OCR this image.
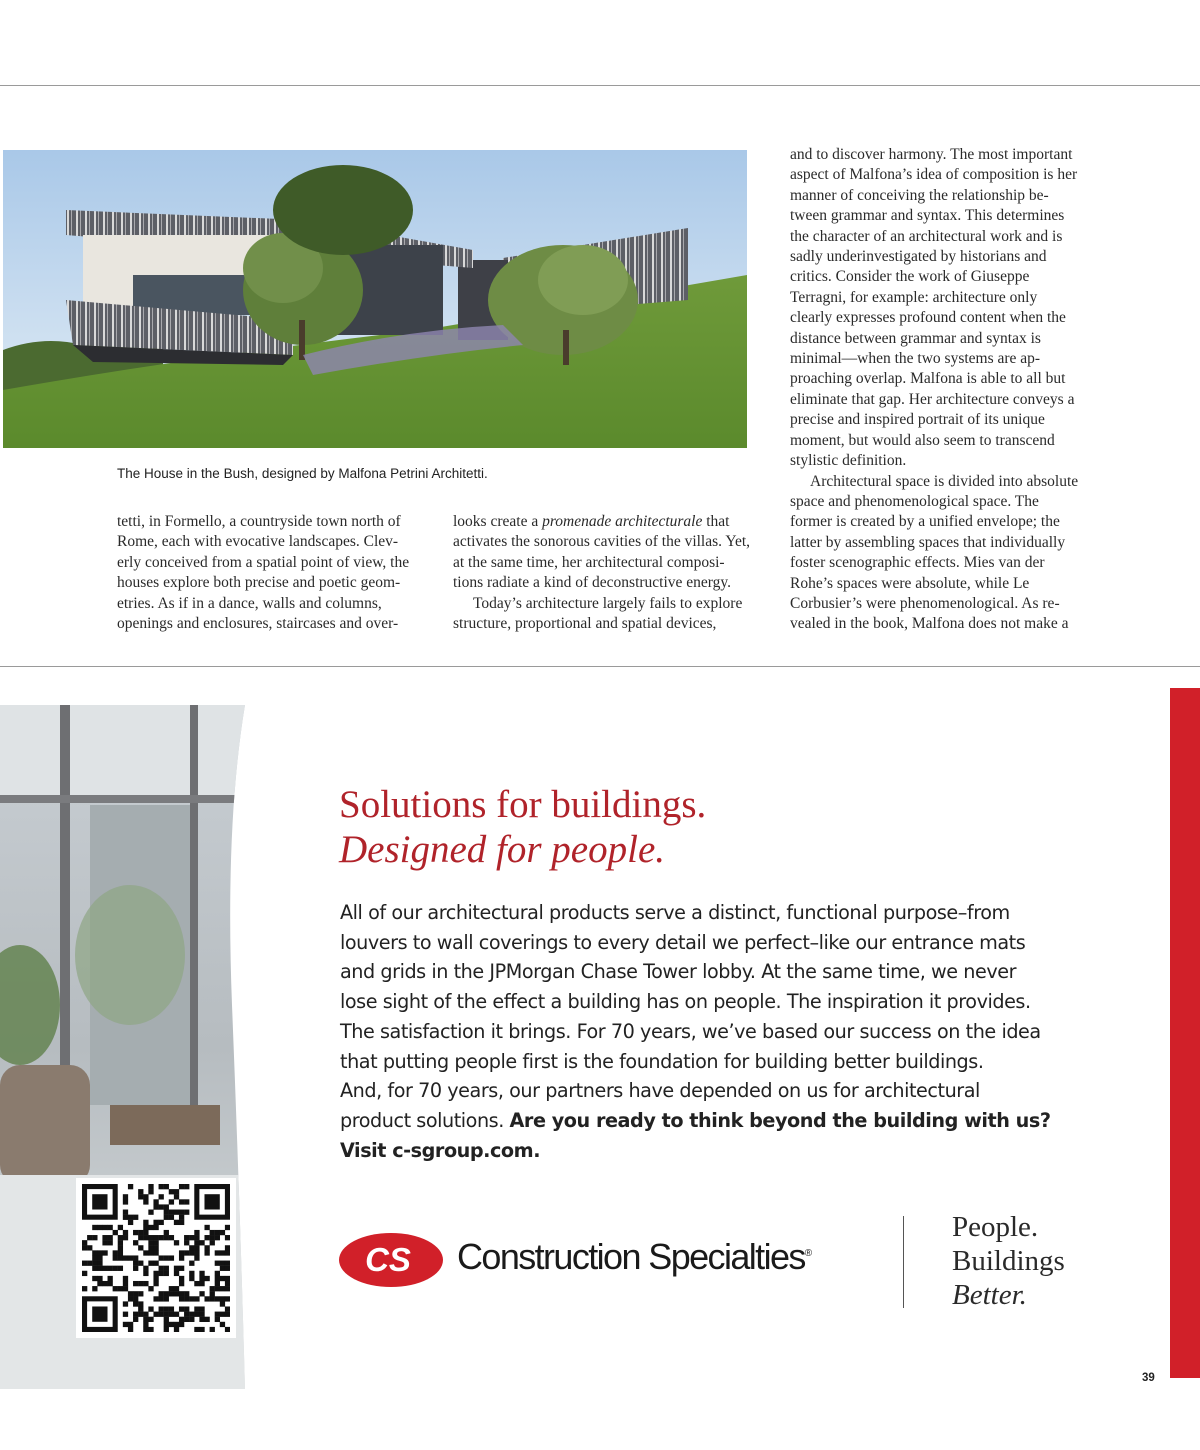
The House in the Bush, designed by Malfona Petrini Architetti.

tetti, in Formello, a countryside town north of
Rome, each with evocative landscapes. Clev-
erly conceived from a spatial point of view, the
houses explore both precise and poetic geom-
etries. As if in a dance, walls and columns,
openings and enclosures, staircases and over-

looks create a promenade architecturale that
activates the sonorous cavities of the villas. Yet,
at the same time, her architectural composi-
tions radiate a kind of deconstructive energy.

Today’s architecture largely fails to explore
structure, proportional and spatial devices,

and to discover harmony. The most important
aspect of Malfona’s idea of composition is her
manner of conceiving the relationship be-
tween grammar and syntax. This determines
the character of an architectural work and is
sadly underinvestigated by historians and
critics. Consider the work of Giuseppe
Terragni, for example: architecture only
clearly expresses profound content when the
distance between grammar and syntax is
minimal—when the two systems are ap-
proaching overlap. Malfona is able to all but
eliminate that gap. Her architecture conveys a
precise and inspired portrait of its unique
moment, but would also seem to transcend
stylistic definition.

Architectural space is divided into absolute
space and phenomenological space. The
former is created by a unified envelope; the
latter by assembling spaces that individually
foster scenographic effects. Mies van der
Rohe’s spaces were absolute, while Le
Corbusier’s were phenomenological. As re-
vealed in the book, Malfona does not make a

Solutions for buildings.
Designed for people.
All of our architectural products serve a distinct, functional purpose–from
louvers to wall coverings to every detail we perfect–like our entrance mats
and grids in the JPMorgan Chase Tower lobby. At the same time, we never
lose sight of the effect a building has on people. The inspiration it provides.
The satisfaction it brings. For 70 years, we’ve based our success on the idea
that putting people first is the foundation for building better buildings.
And, for 70 years, our partners have depended on us for architectural
product solutions. Are you ready to think beyond the building with us?
Visit c-sgroup.com.
CS Construction Specialties®
People.
Buildings
Better.
39
